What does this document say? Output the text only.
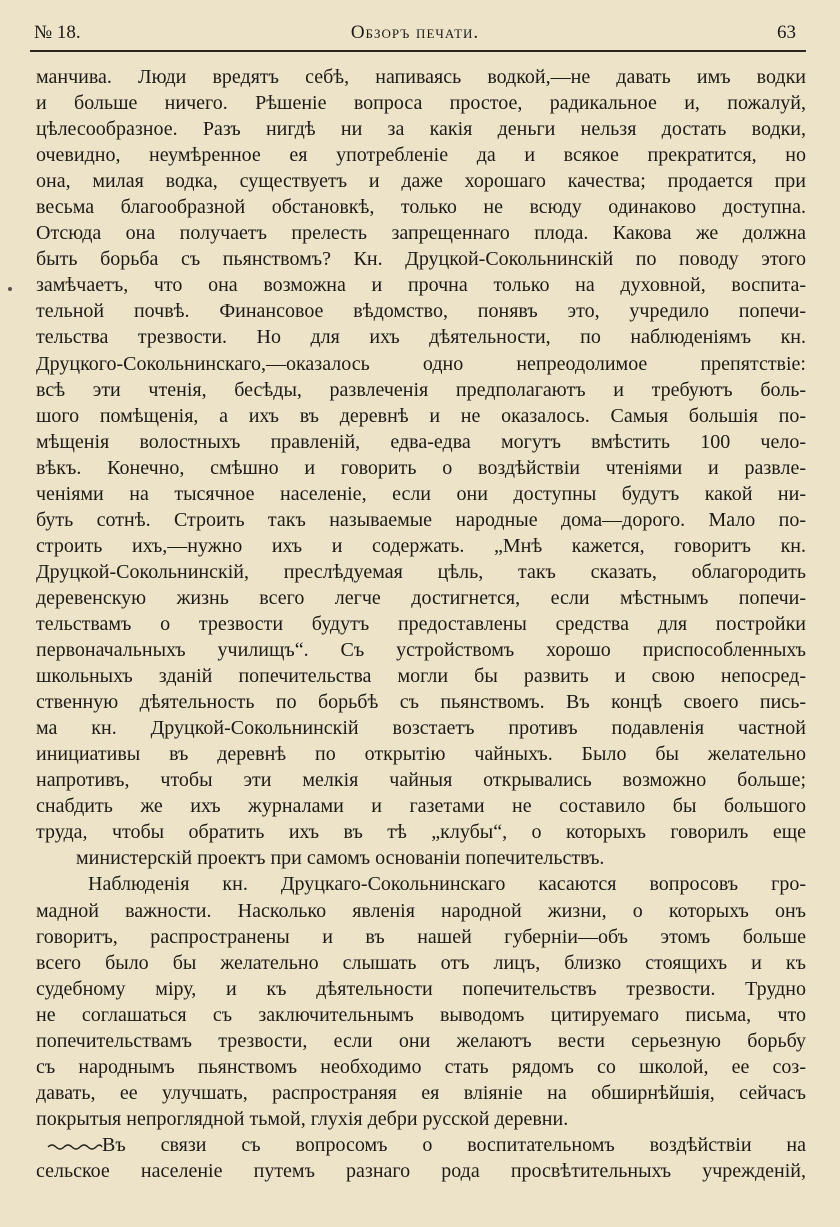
№ 18.	Обзоръ печати.	63
манчива. Люди вредятъ себѣ, напиваясь водкой,—не давать имъ водки
и больше ничего. Рѣшеніе вопроса простое, радикальное и, пожалуй,
цѣлесообразное. Разъ нигдѣ ни за какія деньги нельзя достать водки,
очевидно, неумѣренное ея употребленіе да и всякое прекратится, но
она, милая водка, существуетъ и даже хорошаго качества; продается при
весьма благообразной обстановкѣ, только не всюду одинаково доступна.
Отсюда она получаетъ прелесть запрещеннаго плода. Какова же должна
быть борьба съ пьянствомъ? Кн. Друцкой-Сокольнинскій по поводу этого
замѣчаетъ, что она возможна и прочна только на духовной, воспита-
тельной почвѣ. Финансовое вѣдомство, понявъ это, учредило попечи-
тельства трезвости. Но для ихъ дѣятельности, по наблюденіямъ кн.
Друцкого-Сокольнинскаго,—оказалось одно непреодолимое препятствіе:
всѣ эти чтенія, бесѣды, развлеченія предполагаютъ и требуютъ боль-
шого помѣщенія, а ихъ въ деревнѣ и не оказалось. Самыя большія по-
мѣщенія волостныхъ правленій, едва-едва могутъ вмѣстить 100 чело-
вѣкъ. Конечно, смѣшно и говорить о воздѣйствіи чтеніями и развле-
ченіями на тысячное населеніе, если они доступны будутъ какой ни-
буть сотнѣ. Строить такъ называемые народные дома—дорого. Мало по-
строить ихъ,—нужно ихъ и содержать. „Мнѣ кажется, говоритъ кн.
Друцкой-Сокольнинскій, преслѣдуемая цѣль, такъ сказать, облагородить
деревенскую жизнь всего легче достигнется, если мѣстнымъ попечи-
тельствамъ о трезвости будутъ предоставлены средства для постройки
первоначальныхъ училищъ“. Съ устройствомъ хорошо приспособленныхъ
школьныхъ зданій попечительства могли бы развить и свою непосред-
ственную дѣятельность по борьбѣ съ пьянствомъ. Въ концѣ своего пись-
ма кн. Друцкой-Сокольнинскій возстаетъ противъ подавленія частной
инициативы въ деревнѣ по открытію чайныхъ. Было бы желательно
напротивъ, чтобы эти мелкія чайныя открывались возможно больше;
снабдить же ихъ журналами и газетами не составило бы большого
труда, чтобы обратить ихъ въ тѣ „клубы“, о которыхъ говорилъ еще
министерскій проектъ при самомъ основаніи попечительствъ.
Наблюденія кн. Друцкаго-Сокольнинскаго касаются вопросовъ гро-
мадной важности. Насколько явленія народной жизни, о которыхъ онъ
говоритъ, распространены и въ нашей губерніи—объ этомъ больше
всего было бы желательно слышать отъ лицъ, близко стоящихъ и къ
судебному міру, и къ дѣятельности попечительствъ трезвости. Трудно
не соглашаться съ заключительнымъ выводомъ цитируемаго письма, что
попечительствамъ трезвости, если они желаютъ вести серьезную борьбу
съ народнымъ пьянствомъ необходимо стать рядомъ со школой, ее соз-
давать, ее улучшать, распространяя ея вліяніе на обширнѣйшія, сейчасъ
покрытыя непроглядной тьмой, глухія дебри русской деревни.
Въ связи съ вопросомъ о воспитательномъ воздѣйствіи на
сельское населеніе путемъ разнаго рода просвѣтительныхъ учрежденій,
